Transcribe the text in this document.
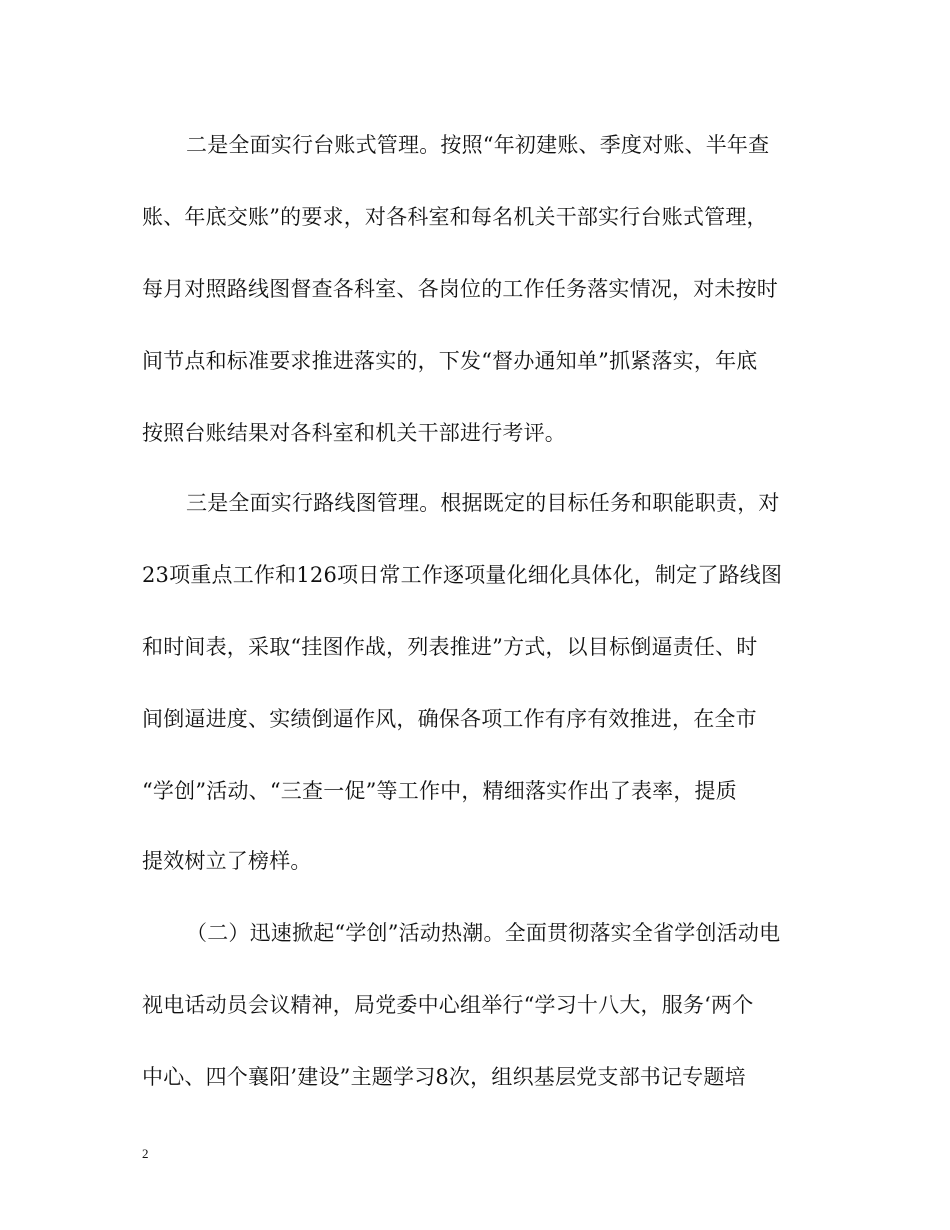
二是全面实行台账式管理。按照“年初建账、季度对账、半年查
账、年底交账”的要求，对各科室和每名机关干部实行台账式管理，
每月对照路线图督查各科室、各岗位的工作任务落实情况，对未按时
间节点和标准要求推进落实的，下发“督办通知单”抓紧落实，年底
按照台账结果对各科室和机关干部进行考评。
三是全面实行路线图管理。根据既定的目标任务和职能职责，对
23项重点工作和126项日常工作逐项量化细化具体化，制定了路线图
和时间表，采取“挂图作战，列表推进”方式，以目标倒逼责任、时
间倒逼进度、实绩倒逼作风，确保各项工作有序有效推进，在全市
“学创”活动、“三查一促”等工作中，精细落实作出了表率，提质
提效树立了榜样。
（二）迅速掀起“学创”活动热潮。全面贯彻落实全省学创活动电
视电话动员会议精神，局党委中心组举行“学习十八大，服务‘两个
中心、四个襄阳’建设”主题学习8次，组织基层党支部书记专题培
2
